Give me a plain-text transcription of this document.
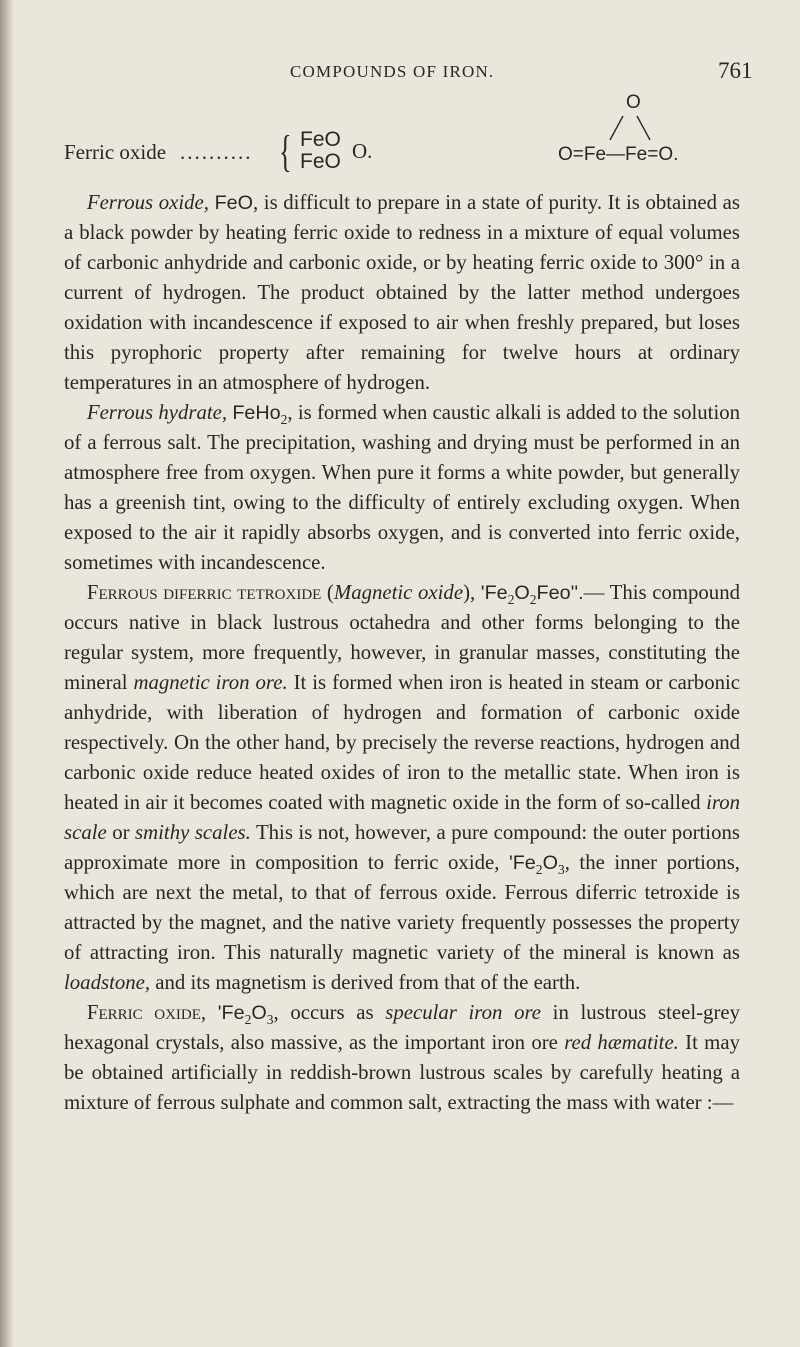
COMPOUNDS OF IRON.	761
Ferric oxide .......... { FeO
FeO O.
O
O=Fe—Fe=O.

Ferrous oxide, FeO, is difficult to prepare in a state of purity. It is obtained as a black powder by heating ferric oxide to redness in a mixture of equal volumes of carbonic anhydride and carbonic oxide, or by heating ferric oxide to 300° in a current of hydrogen. The product obtained by the latter method undergoes oxidation with incandescence if exposed to air when freshly prepared, but loses this pyrophoric property after remaining for twelve hours at ordinary temperatures in an atmosphere of hydrogen.

Ferrous hydrate, FeHo$_2$, is formed when caustic alkali is added to the solution of a ferrous salt. The precipitation, washing and drying must be performed in an atmosphere free from oxygen. When pure it forms a white powder, but generally has a greenish tint, owing to the difficulty of entirely excluding oxygen. When exposed to the air it rapidly absorbs oxygen, and is converted into ferric oxide, sometimes with incandescence.

Ferrous diferric tetroxide (Magnetic oxide), '$Fe_2O_2Feo''.—$ This compound occurs native in black lustrous octahedra and other forms belonging to the regular system, more frequently, however, in granular masses, constituting the mineral magnetic iron ore. It is formed when iron is heated in steam or carbonic anhydride, with liberation of hydrogen and formation of carbonic oxide respectively. On the other hand, by precisely the reverse reactions, hydrogen and carbonic oxide reduce heated oxides of iron to the metallic state. When iron is heated in air it becomes coated with magnetic oxide in the form of so-called iron scale or smithy scales. This is not, however, a pure compound: the outer portions approximate more in composition to ferric oxide, '$Fe_2O_3$, the inner portions, which are next the metal, to that of ferrous oxide. Ferrous diferric tetroxide is attracted by the magnet, and the native variety frequently possesses the property of attracting iron. This naturally magnetic variety of the mineral is known as loadstone, and its magnetism is derived from that of the earth.

Ferric oxide, '$Fe_2O_3$, occurs as specular iron ore in lustrous steel-grey hexagonal crystals, also massive, as the important iron ore red hæmatite. It may be obtained artificially in reddish-brown lustrous scales by carefully heating a mixture of ferrous sulphate and common salt, extracting the mass with water :—
